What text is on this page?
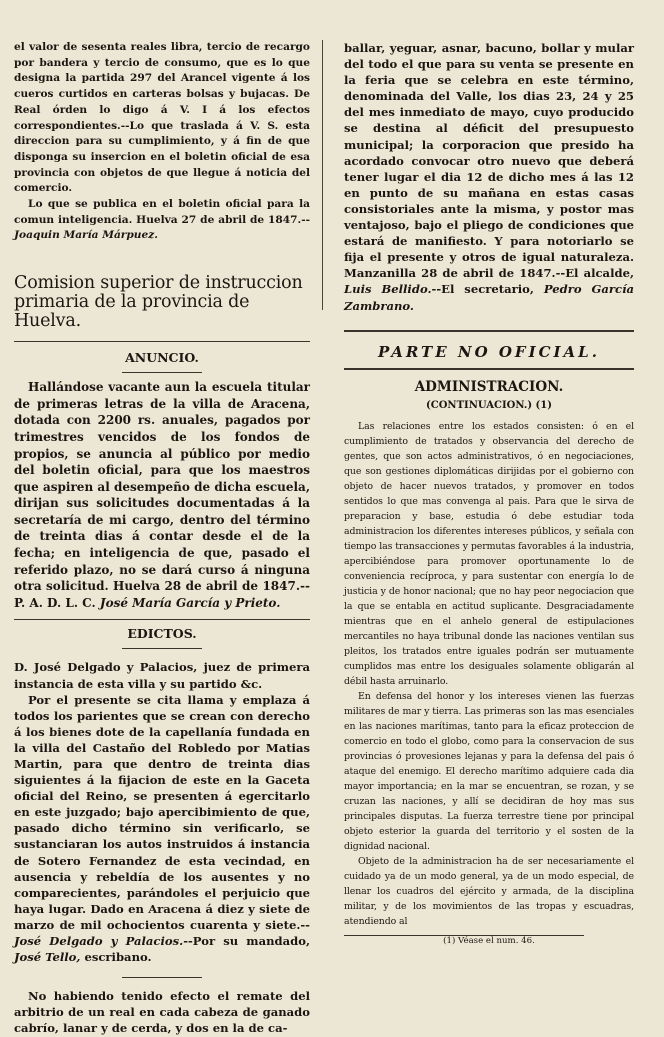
el valor de sesenta reales libra, tercio de recargo por bandera y tercio de consumo, que es lo que designa la partida 297 del Arancel vigente á los cueros curtidos en carteras bolsas y bujacas. De Real órden lo digo á V. I á los efectos correspondientes.--Lo que traslada á V. S. esta direccion para su cumplimiento, y á fin de que disponga su insercion en el boletin oficial de esa provincia con objetos de que llegue á noticia del comercio.

Lo que se publica en el boletin oficial para la comun inteligencia. Huelva 27 de abril de 1847.--Joaquin María Márpuez.

Comision superior de instruccion primaria de la provincia de Huelva.
ANUNCIO.

Hallándose vacante aun la escuela titular de primeras letras de la villa de Aracena, dotada con 2200 rs. anuales, pagados por trimestres vencidos de los fondos de propios, se anuncia al público por medio del boletin oficial, para que los maestros que aspiren al desempeño de dicha escuela, dirijan sus solicitudes documentadas á la secretaría de mi cargo, dentro del término de treinta dias á contar desde el de la fecha; en inteligencia de que, pasado el referido plazo, no se dará curso á ninguna otra solicitud. Huelva 28 de abril de 1847.--P. A. D. L. C. José María García y Prieto.

EDICTOS.

D. José Delgado y Palacios, juez de primera instancia de esta villa y su partido &c.

Por el presente se cita llama y emplaza á todos los parientes que se crean con derecho á los bienes dote de la capellanía fundada en la villa del Castaño del Robledo por Matias Martin, para que dentro de treinta dias siguientes á la fijacion de este en la Gaceta oficial del Reino, se presenten á egercitarlo en este juzgado; bajo apercibimiento de que, pasado dicho término sin verificarlo, se sustanciaran los autos instruidos á instancia de Sotero Fernandez de esta vecindad, en ausencia y rebeldía de los ausentes y no comparecientes, parándoles el perjuicio que haya lugar. Dado en Aracena á diez y siete de marzo de mil ochocientos cuarenta y siete.--José Delgado y Palacios.--Por su mandado, José Tello, escribano.

No habiendo tenido efecto el remate del arbitrio de un real en cada cabeza de ganado cabrío, lanar y de cerda, y dos en la de ca-

ballar, yeguar, asnar, bacuno, bollar y mular del todo el que para su venta se presente en la feria que se celebra en este término, denominada del Valle, los dias 23, 24 y 25 del mes inmediato de mayo, cuyo producido se destina al déficit del presupuesto municipal; la corporacion que presido ha acordado convocar otro nuevo que deberá tener lugar el dia 12 de dicho mes á las 12 en punto de su mañana en estas casas consistoriales ante la misma, y postor mas ventajoso, bajo el pliego de condiciones que estará de manifiesto. Y para notoriarlo se fija el presente y otros de igual naturaleza. Manzanilla 28 de abril de 1847.--El alcalde, Luis Bellido.--El secretario, Pedro García Zambrano.

PARTE NO OFICIAL.
ADMINISTRACION.
(CONTINUACION.) (1)

Las relaciones entre los estados consisten: ó en el cumplimiento de tratados y observancia del derecho de gentes, que son actos administrativos, ó en negociaciones, que son gestiones diplomáticas dirijidas por el gobierno con objeto de hacer nuevos tratados, y promover en todos sentidos lo que mas convenga al pais. Para que le sirva de preparacion y base, estudia ó debe estudiar toda administracion los diferentes intereses públicos, y señala con tiempo las transacciones y permutas favorables á la industria, apercibiéndose para promover oportunamente lo de conveniencia recíproca, y para sustentar con energía lo de justicia y de honor nacional; que no hay peor negociacion que la que se entabla en actitud suplicante. Desgraciadamente mientras que en el anhelo general de estipulaciones mercantiles no haya tribunal donde las naciones ventilan sus pleitos, los tratados entre iguales podrán ser mutuamente cumplidos mas entre los desiguales solamente obligarán al débil hasta arruinarlo.

En defensa del honor y los intereses vienen las fuerzas militares de mar y tierra. Las primeras son las mas esenciales en las naciones marítimas, tanto para la eficaz proteccion de comercio en todo el globo, como para la conservacion de sus provincias ó provesiones lejanas y para la defensa del pais ó ataque del enemigo. El derecho marítimo adquiere cada dia mayor importancia; en la mar se encuentran, se rozan, y se cruzan las naciones, y allí se decidiran de hoy mas sus principales disputas. La fuerza terrestre tiene por principal objeto esterior la guarda del territorio y el sosten de la dignidad nacional.

Objeto de la administracion ha de ser necesariamente el cuidado ya de un modo general, ya de un modo especial, de llenar los cuadros del ejército y armada, de la disciplina militar, y de los movimientos de las tropas y escuadras, atendiendo al

(1) Véase el num. 46.
